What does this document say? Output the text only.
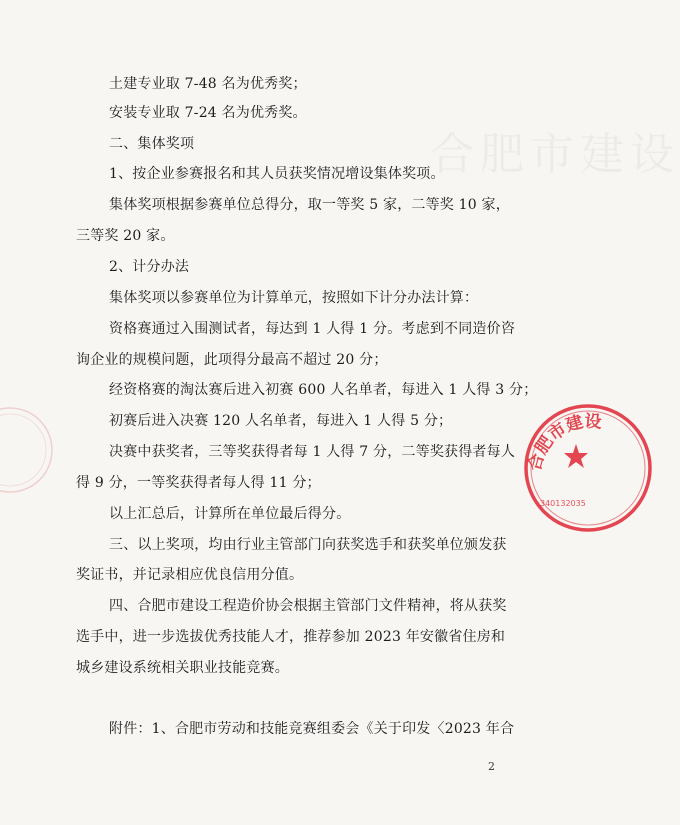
合肥市建设
土建专业取 7-48 名为优秀奖；
安装专业取 7-24 名为优秀奖。
二、集体奖项
1、按企业参赛报名和其人员获奖情况增设集体奖项。
集体奖项根据参赛单位总得分，取一等奖 5 家，二等奖 10 家，
三等奖 20 家。
2、计分办法
集体奖项以参赛单位为计算单元，按照如下计分办法计算：
资格赛通过入围测试者，每达到 1 人得 1 分。考虑到不同造价咨
询企业的规模问题，此项得分最高不超过 20 分；
经资格赛的淘汰赛后进入初赛 600 人名单者，每进入 1 人得 3 分；
初赛后进入决赛 120 人名单者，每进入 1 人得 5 分；
决赛中获奖者，三等奖获得者每 1 人得 7 分，二等奖获得者每人
得 9 分，一等奖获得者每人得 11 分；
以上汇总后，计算所在单位最后得分。
三、以上奖项，均由行业主管部门向获奖选手和获奖单位颁发获
奖证书，并记录相应优良信用分值。
四、合肥市建设工程造价协会根据主管部门文件精神，将从获奖
选手中，进一步选拔优秀技能人才，推荐参加 2023 年安徽省住房和
城乡建设系统相关职业技能竞赛。
附件：1、合肥市劳动和技能竞赛组委会《关于印发〈2023 年合
2
合肥市建设
340132035
